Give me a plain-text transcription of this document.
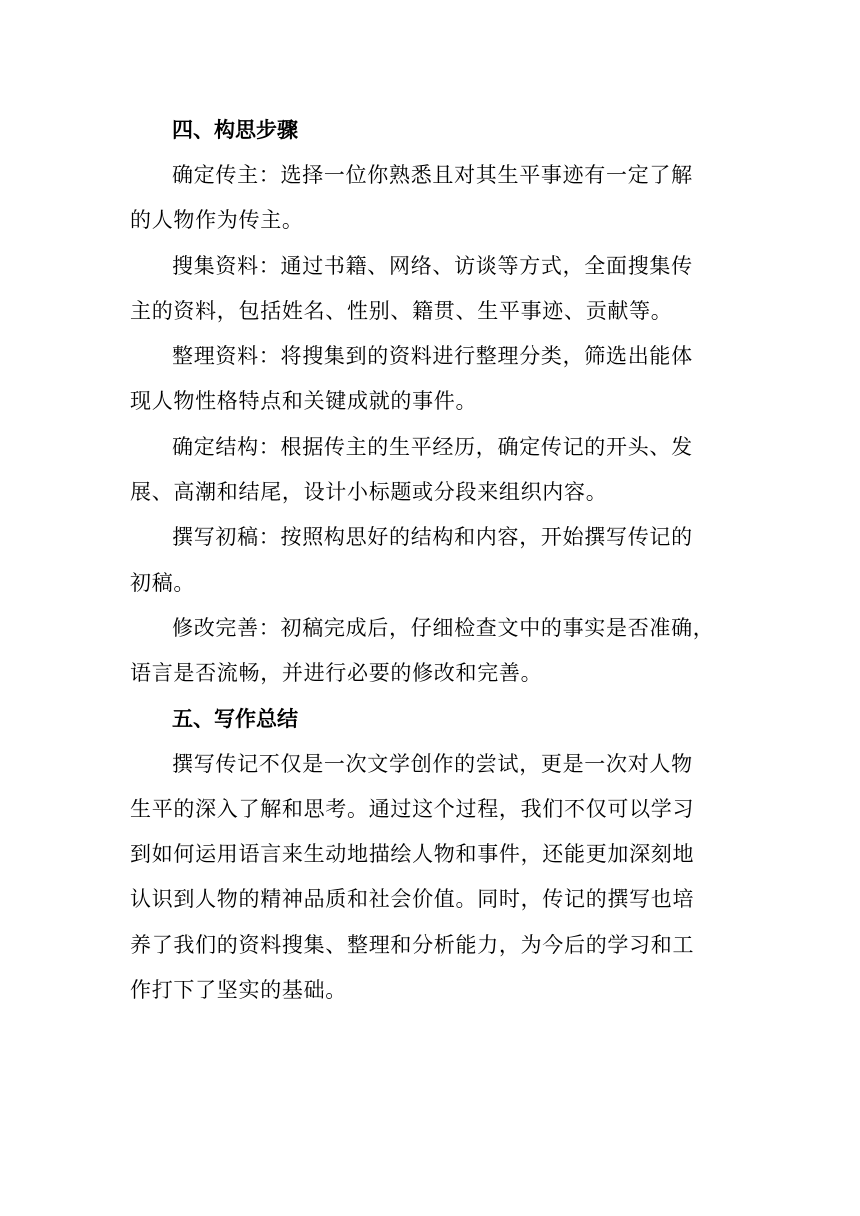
四、构思步骤
确定传主：选择一位你熟悉且对其生平事迹有一定了解
的人物作为传主。
搜集资料：通过书籍、网络、访谈等方式，全面搜集传
主的资料，包括姓名、性别、籍贯、生平事迹、贡献等。
整理资料：将搜集到的资料进行整理分类，筛选出能体
现人物性格特点和关键成就的事件。
确定结构：根据传主的生平经历，确定传记的开头、发
展、高潮和结尾，设计小标题或分段来组织内容。
撰写初稿：按照构思好的结构和内容，开始撰写传记的
初稿。
修改完善：初稿完成后，仔细检查文中的事实是否准确，
语言是否流畅，并进行必要的修改和完善。
五、写作总结
撰写传记不仅是一次文学创作的尝试，更是一次对人物
生平的深入了解和思考。通过这个过程，我们不仅可以学习
到如何运用语言来生动地描绘人物和事件，还能更加深刻地
认识到人物的精神品质和社会价值。同时，传记的撰写也培
养了我们的资料搜集、整理和分析能力，为今后的学习和工
作打下了坚实的基础。
